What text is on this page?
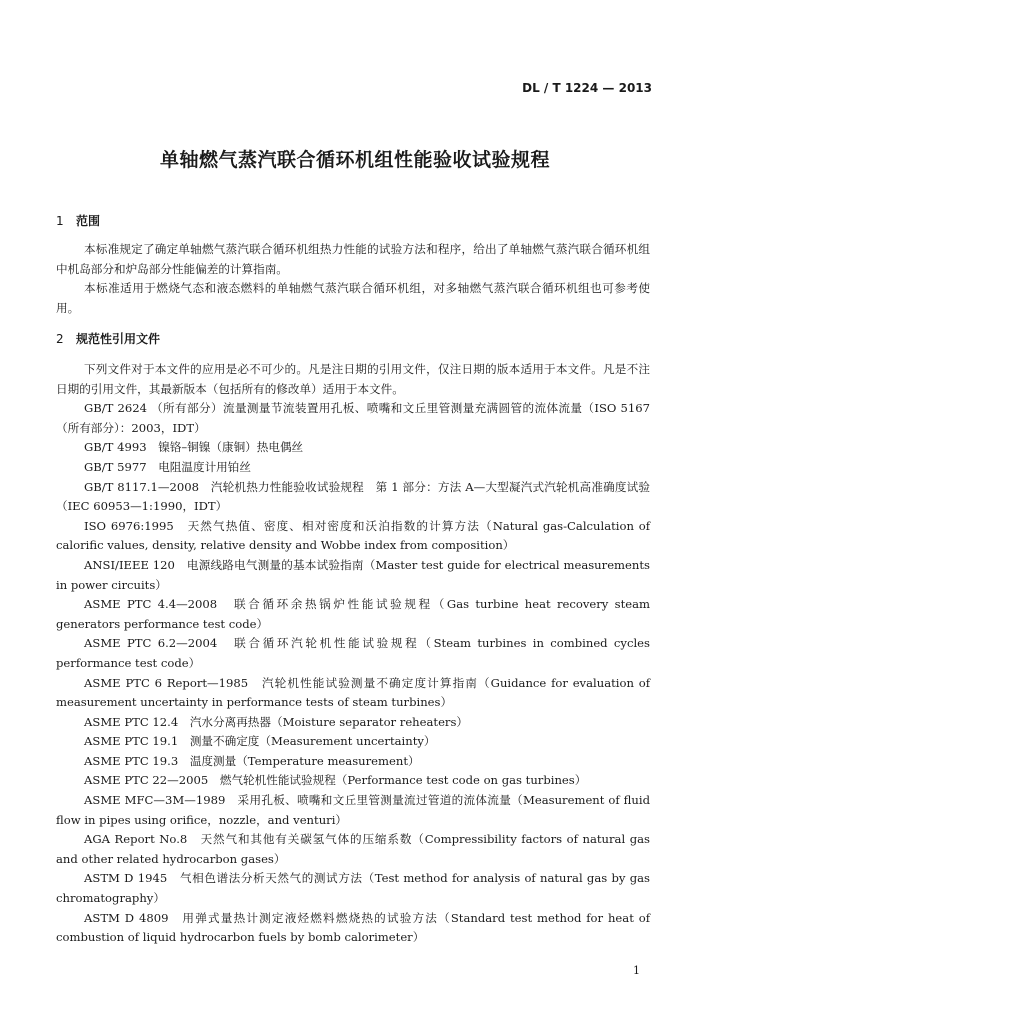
DL / T 1224 — 2013
单轴燃气蒸汽联合循环机组性能验收试验规程
1 范围

本标准规定了确定单轴燃气蒸汽联合循环机组热力性能的试验方法和程序，给出了单轴燃气蒸汽联合循环机组中机岛部分和炉岛部分性能偏差的计算指南。

本标准适用于燃烧气态和液态燃料的单轴燃气蒸汽联合循环机组，对多轴燃气蒸汽联合循环机组也可参考使用。

2 规范性引用文件

下列文件对于本文件的应用是必不可少的。凡是注日期的引用文件，仅注日期的版本适用于本文件。凡是不注日期的引用文件，其最新版本（包括所有的修改单）适用于本文件。

GB/T 2624 （所有部分）流量测量节流装置用孔板、喷嘴和文丘里管测量充满圆管的流体流量（ISO 5167（所有部分）：2003，IDT）

GB/T 4993　镍铬–铜镍（康铜）热电偶丝

GB/T 5977　电阻温度计用铂丝

GB/T 8117.1—2008　汽轮机热力性能验收试验规程　第 1 部分：方法 A—大型凝汽式汽轮机高准确度试验（IEC 60953—1:1990，IDT）

ISO 6976:1995　天然气热值、密度、相对密度和沃泊指数的计算方法（Natural gas-Calculation of calorific values, density, relative density and Wobbe index from composition）

ANSI/IEEE 120　电源线路电气测量的基本试验指南（Master test guide for electrical measurements in power circuits）

ASME PTC 4.4—2008　联合循环余热锅炉性能试验规程（Gas turbine heat recovery steam generators performance test code）

ASME PTC 6.2—2004　联合循环汽轮机性能试验规程（Steam turbines in combined cycles performance test code）

ASME PTC 6 Report—1985　汽轮机性能试验测量不确定度计算指南（Guidance for evaluation of measurement uncertainty in performance tests of steam turbines）

ASME PTC 12.4　汽水分离再热器（Moisture separator reheaters）

ASME PTC 19.1　测量不确定度（Measurement uncertainty）

ASME PTC 19.3　温度测量（Temperature measurement）

ASME PTC 22—2005　燃气轮机性能试验规程（Performance test code on gas turbines）

ASME MFC—3M—1989　采用孔板、喷嘴和文丘里管测量流过管道的流体流量（Measurement of fluid flow in pipes using orifice，nozzle，and venturi）

AGA Report No.8　天然气和其他有关碳氢气体的压缩系数（Compressibility factors of natural gas and other related hydrocarbon gases）

ASTM D 1945　气相色谱法分析天然气的测试方法（Test method for analysis of natural gas by gas chromatography）

ASTM D 4809　用弹式量热计测定液烃燃料燃烧热的试验方法（Standard test method for heat of combustion of liquid hydrocarbon fuels by bomb calorimeter）

1
